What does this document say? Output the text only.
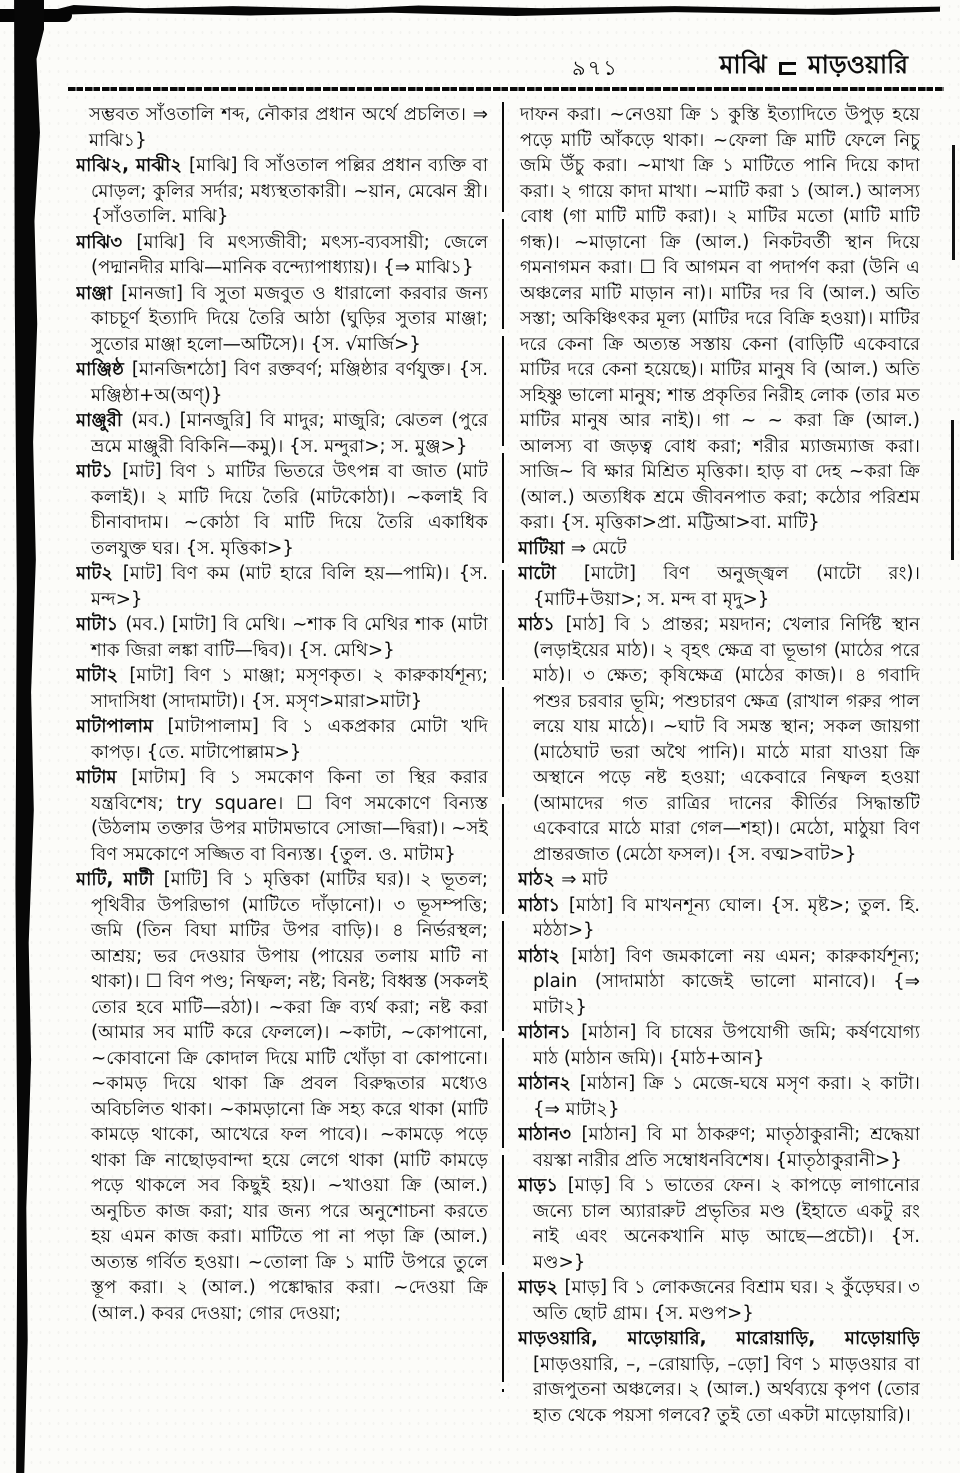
৯৭১	মাঝি মাড়ওয়ারি

সম্ভবত সাঁওতালি শব্দ, নৌকার প্রধান অর্থে প্রচলিত। ⇒ মাঝি১}

মাঝি২, মাঝী২ [মাঝি] বি সাঁওতাল পল্লির প্রধান ব্যক্তি বা মোড়ল; কুলির সর্দার; মধ্যস্থতাকারী। ~য়ান, মেঝেন স্ত্রী। {সাঁওতালি. মাঝি}

মাঝি৩ [মাঝি] বি মৎস্যজীবী; মৎস্য-ব্যবসায়ী; জেলে (পদ্মানদীর মাঝি—মানিক বন্দ্যোপাধ্যায়)। {⇒ মাঝি১}

মাঞ্জা [মানজা] বি সুতা মজবুত ও ধারালো করবার জন্য কাচচূর্ণ ইত্যাদি দিয়ে তৈরি আঠা (ঘুড়ির সুতার মাঞ্জা; সুতোর মাঞ্জা হলো—অটিসে)। {স. √মার্জি>}

মাঞ্জিষ্ঠ [মানজিশঠো] বিণ রক্তবর্ণ; মঞ্জিষ্ঠার বর্ণযুক্ত। {স. মঞ্জিষ্ঠা+অ(অণ্)}

মাঞ্জুরী (মব.) [মানজুরি] বি মাদুর; মাজুরি; ঝেতল (পুরে ভ্রমে মাঞ্জুরী বিকিনি—কমু)। {স. মন্দুরা>; স. মুঞ্জ>}

মাট১ [মাট] বিণ ১ মাটির ভিতরে উৎপন্ন বা জাত (মাট কলাই)। ২ মাটি দিয়ে তৈরি (মাটকোঠা)। ~কলাই বি চীনাবাদাম। ~কোঠা বি মাটি দিয়ে তৈরি একাধিক তলযুক্ত ঘর। {স. মৃত্তিকা>}

মাট২ [মাট] বিণ কম (মাট হারে বিলি হয়—পামি)। {স. মন্দ>}

মাটা১ (মব.) [মাটা] বি মেথি। ~শাক বি মেথির শাক (মাটা শাক জিরা লঙ্কা বাটি—দ্বিব)। {স. মেথি>}

মাটা২ [মাটা] বিণ ১ মাঞ্জা; মসৃণকৃত। ২ কারুকার্যশূন্য; সাদাসিধা (সাদামাটা)। {স. মসৃণ>মারা>মাটা}

মাটাপালাম [মাটাপালাম] বি ১ একপ্রকার মোটা খদি কাপড়। {তে. মাটাপোল্লাম>}

মাটাম [মাটাম] বি ১ সমকোণ কিনা তা স্থির করার যন্ত্রবিশেষ; try square। ☐ বিণ সমকোণে বিন্যস্ত (উঠলাম তক্তার উপর মাটামভাবে সোজা—দ্বিরা)। ~সই বিণ সমকোণে সজ্জিত বা বিন্যস্ত। {তুল. ও. মাটাম}

মাটি, মাটী [মাটি] বি ১ মৃত্তিকা (মাটির ঘর)। ২ ভূতল; পৃথিবীর উপরিভাগ (মাটিতে দাঁড়ানো)। ৩ ভূসম্পত্তি; জমি (তিন বিঘা মাটির উপর বাড়ি)। ৪ নির্ভরস্থল; আশ্রয়; ভর দেওয়ার উপায় (পায়ের তলায় মাটি না থাকা)। ☐ বিণ পণ্ড; নিষ্ফল; নষ্ট; বিনষ্ট; বিধ্বস্ত (সকলই তোর হবে মাটি—রঠা)। ~করা ক্রি ব্যর্থ করা; নষ্ট করা (আমার সব মাটি করে ফেললে)। ~কাটা, ~কোপানো, ~কোবানো ক্রি কোদাল দিয়ে মাটি খোঁড়া বা কোপানো। ~কামড় দিয়ে থাকা ক্রি প্রবল বিরুদ্ধতার মধ্যেও অবিচলিত থাকা। ~কামড়ানো ক্রি সহ্য করে থাকা (মাটি কামড়ে থাকো, আখেরে ফল পাবে)। ~কামড়ে পড়ে থাকা ক্রি নাছোড়বান্দা হয়ে লেগে থাকা (মাটি কামড়ে পড়ে থাকলে সব কিছুই হয়)। ~খাওয়া ক্রি (আল.) অনুচিত কাজ করা; যার জন্য পরে অনুশোচনা করতে হয় এমন কাজ করা। মাটিতে পা না পড়া ক্রি (আল.) অত্যন্ত গর্বিত হওয়া। ~তোলা ক্রি ১ মাটি উপরে তুলে স্তূপ করা। ২ (আল.) পঙ্কোদ্ধার করা। ~দেওয়া ক্রি (আল.) কবর দেওয়া; গোর দেওয়া;

দাফন করা। ~নেওয়া ক্রি ১ কুস্তি ইত্যাদিতে উপুড় হয়ে পড়ে মাটি আঁকড়ে থাকা। ~ফেলা ক্রি মাটি ফেলে নিচু জমি উঁচু করা। ~মাখা ক্রি ১ মাটিতে পানি দিয়ে কাদা করা। ২ গায়ে কাদা মাখা। ~মাটি করা ১ (আল.) আলস্য বোধ (গা মাটি মাটি করা)। ২ মাটির মতো (মাটি মাটি গন্ধ)। ~মাড়ানো ক্রি (আল.) নিকটবর্তী স্থান দিয়ে গমনাগমন করা। ☐ বি আগমন বা পদার্পণ করা (উনি এ অঞ্চলের মাটি মাড়ান না)। মাটির দর বি (আল.) অতি সস্তা; অকিঞ্চিৎকর মূল্য (মাটির দরে বিক্রি হওয়া)। মাটির দরে কেনা ক্রি অত্যন্ত সস্তায় কেনা (বাড়িটি একেবারে মাটির দরে কেনা হয়েছে)। মাটির মানুষ বি (আল.) অতি সহিষ্ণু ভালো মানুষ; শান্ত প্রকৃতির নিরীহ লোক (তার মত মাটির মানুষ আর নাই)। গা ~ ~ করা ক্রি (আল.) আলস্য বা জড়ত্ব বোধ করা; শরীর ম্যাজম্যাজ করা। সাজি~ বি ক্ষার মিশ্রিত মৃত্তিকা। হাড় বা দেহ ~করা ক্রি (আল.) অত্যধিক শ্রমে জীবনপাত করা; কঠোর পরিশ্রম করা। {স. মৃত্তিকা>প্রা. মট্টিআ>বা. মাটি}

মাটিয়া ⇒ মেটে

মাটো [মাটো] বিণ অনুজ্জ্বল (মাটো রং)। {মাটি+উয়া>; স. মন্দ বা মৃদু>}

মাঠ১ [মাঠ] বি ১ প্রান্তর; ময়দান; খেলার নির্দিষ্ট স্থান (লড়াইয়ের মাঠ)। ২ বৃহৎ ক্ষেত্র বা ভূভাগ (মাঠের পরে মাঠ)। ৩ ক্ষেত; কৃষিক্ষেত্র (মাঠের কাজ)। ৪ গবাদি পশুর চরবার ভূমি; পশুচারণ ক্ষেত্র (রাখাল গরুর পাল লয়ে যায় মাঠে)। ~ঘাট বি সমস্ত স্থান; সকল জায়গা (মাঠেঘাট ভরা অথৈ পানি)। মাঠে মারা যাওয়া ক্রি অস্থানে পড়ে নষ্ট হওয়া; একেবারে নিষ্ফল হওয়া (আমাদের গত রাত্রির দানের কীর্তির সিদ্ধান্তটি একেবারে মাঠে মারা গেল—শহা)। মেঠো, মাঠুয়া বিণ প্রান্তরজাত (মেঠো ফসল)। {স. বত্ম>বাট>}

মাঠ২ ⇒ মাট

মাঠা১ [মাঠা] বি মাখনশূন্য ঘোল। {স. মৃষ্ট>; তুল. হি. মঠঠা>}

মাঠা২ [মাঠা] বিণ জমকালো নয় এমন; কারুকার্যশূন্য; plain (সাদামাঠা কাজেই ভালো মানাবে)। {⇒ মাটা২}

মাঠান১ [মাঠান] বি চাষের উপযোগী জমি; কর্ষণযোগ্য মাঠ (মাঠান জমি)। {মাঠ+আন}

মাঠান২ [মাঠান] ক্রি ১ মেজে-ঘষে মসৃণ করা। ২ কাটা। {⇒ মাটা২}

মাঠান৩ [মাঠান] বি মা ঠাকরুণ; মাতৃঠাকুরানী; শ্রদ্ধেয়া বয়স্কা নারীর প্রতি সম্বোধনবিশেষ। {মাতৃঠাকুরানী>}

মাড়১ [মাড়] বি ১ ভাতের ফেন। ২ কাপড়ে লাগানোর জন্যে চাল অ্যারারুট প্রভৃতির মণ্ড (ইহাতে একটু রং নাই এবং অনেকখানি মাড় আছে—প্রচৌ)। {স. মণ্ড>}

মাড়২ [মাড়] বি ১ লোকজনের বিশ্রাম ঘর। ২ কুঁড়েঘর। ৩ অতি ছোট গ্রাম। {স. মণ্ডপ>}

মাড়ওয়ারি, মাড়োয়ারি, মারোয়াড়ি, মাড়োয়াড়ি [মাড়ওয়ারি, –, –রোয়াড়ি, –ড়ো] বিণ ১ মাড়ওয়ার বা রাজপুতনা অঞ্চলের। ২ (আল.) অর্থব্যয়ে কৃপণ (তোর হাত থেকে পয়সা গলবে? তুই তো একটা মাড়োয়ারি)।
